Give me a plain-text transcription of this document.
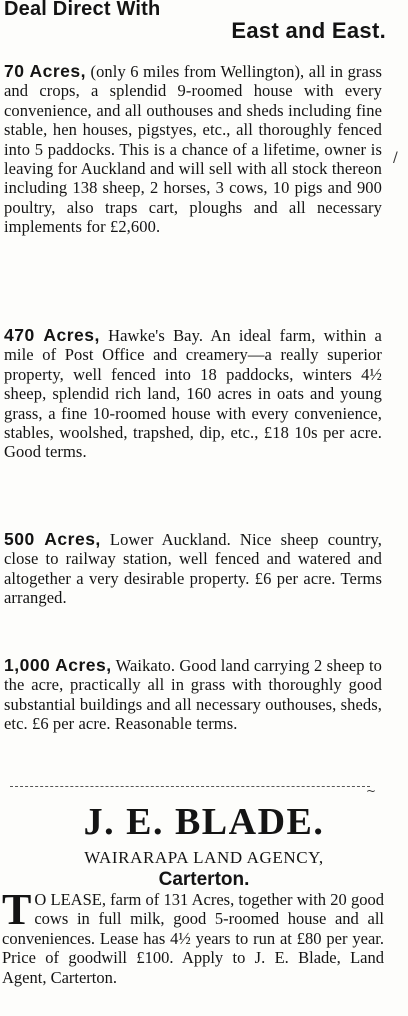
Deal Direct With
East and East.

70 Acres, (only 6 miles from Wellington), all in grass and crops, a splendid 9-roomed house with every convenience, and all outhouses and sheds including fine stable, hen houses, pigstyes, etc., all thoroughly fenced into 5 paddocks. This is a chance of a lifetime, owner is leaving for Auckland and will sell with all stock thereon including 138 sheep, 2 horses, 3 cows, 10 pigs and 900 poultry, also traps cart, ploughs and all necessary implements for £2,600.

470 Acres, Hawke's Bay. An ideal farm, within a mile of Post Office and creamery—a really superior property, well fenced into 18 paddocks, winters 4½ sheep, splendid rich land, 160 acres in oats and young grass, a fine 10-roomed house with every convenience, stables, woolshed, trapshed, dip, etc., £18 10s per acre. Good terms.

500 Acres, Lower Auckland. Nice sheep country, close to railway station, well fenced and watered and altogether a very desirable property. £6 per acre. Terms arranged.

1,000 Acres, Waikato. Good land carrying 2 sheep to the acre, practically all in grass with thoroughly good substantial buildings and all necessary outhouses, sheds, etc. £6 per acre. Reasonable terms.

J. E. BLADE.
WAIRARAPA LAND AGENCY,
Carterton.
T O LEASE, farm of 131 Acres, together with 20 good cows in full milk, good 5-roomed house and all conveniences. Lease has 4½ years to run at £80 per year. Price of goodwill £100. Apply to J. E. Blade, Land Agent, Carterton.
/
~
